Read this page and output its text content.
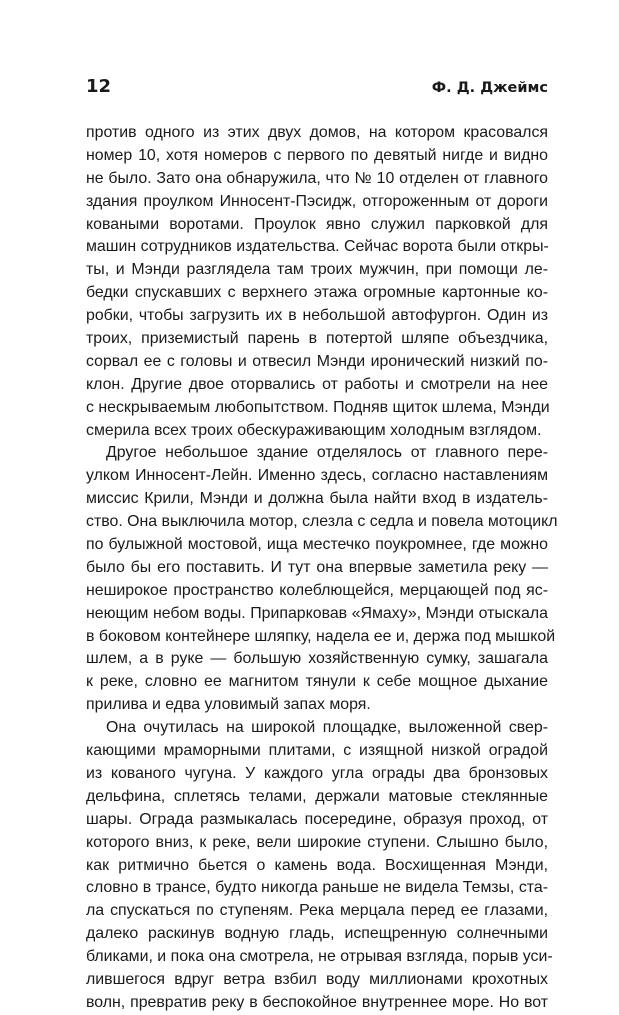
12	Ф. Д. Джеймс
против одного из этих двух домов, на котором красовался
номер 10, хотя номеров с первого по девятый нигде и видно
не было. Зато она обнаружила, что № 10 отделен от главного
здания проулком Инносент-Пэсидж, отгороженным от дороги
коваными воротами. Проулок явно служил парковкой для
машин сотрудников издательства. Сейчас ворота были откры-
ты, и Мэнди разглядела там троих мужчин, при помощи ле-
бедки спускавших с верхнего этажа огромные картонные ко-
робки, чтобы загрузить их в небольшой автофургон. Один из
троих, приземистый парень в потертой шляпе объездчика,
сорвал ее с головы и отвесил Мэнди иронический низкий по-
клон. Другие двое оторвались от работы и смотрели на нее
с нескрываемым любопытством. Подняв щиток шлема, Мэнди
смерила всех троих обескураживающим холодным взглядом.
Другое небольшое здание отделялось от главного пере-
улком Инносент-Лейн. Именно здесь, согласно наставлениям
миссис Крили, Мэнди и должна была найти вход в издатель-
ство. Она выключила мотор, слезла с седла и повела мотоцикл
по булыжной мостовой, ища местечко поукромнее, где можно
было бы его поставить. И тут она впервые заметила реку —
неширокое пространство колеблющейся, мерцающей под яс-
неющим небом воды. Припарковав «Ямаху», Мэнди отыскала
в боковом контейнере шляпку, надела ее и, держа под мышкой
шлем, а в руке — большую хозяйственную сумку, зашагала
к реке, словно ее магнитом тянули к себе мощное дыхание
прилива и едва уловимый запах моря.
Она очутилась на широкой площадке, выложенной свер-
кающими мраморными плитами, с изящной низкой оградой
из кованого чугуна. У каждого угла ограды два бронзовых
дельфина, сплетясь телами, держали матовые стеклянные
шары. Ограда размыкалась посередине, образуя проход, от
которого вниз, к реке, вели широкие ступени. Слышно было,
как ритмично бьется о камень вода. Восхищенная Мэнди,
словно в трансе, будто никогда раньше не видела Темзы, ста-
ла спускаться по ступеням. Река мерцала перед ее глазами,
далеко раскинув водную гладь, испещренную солнечными
бликами, и пока она смотрела, не отрывая взгляда, порыв уси-
лившегося вдруг ветра взбил воду миллионами крохотных
волн, превратив реку в беспокойное внутреннее море. Но вот
